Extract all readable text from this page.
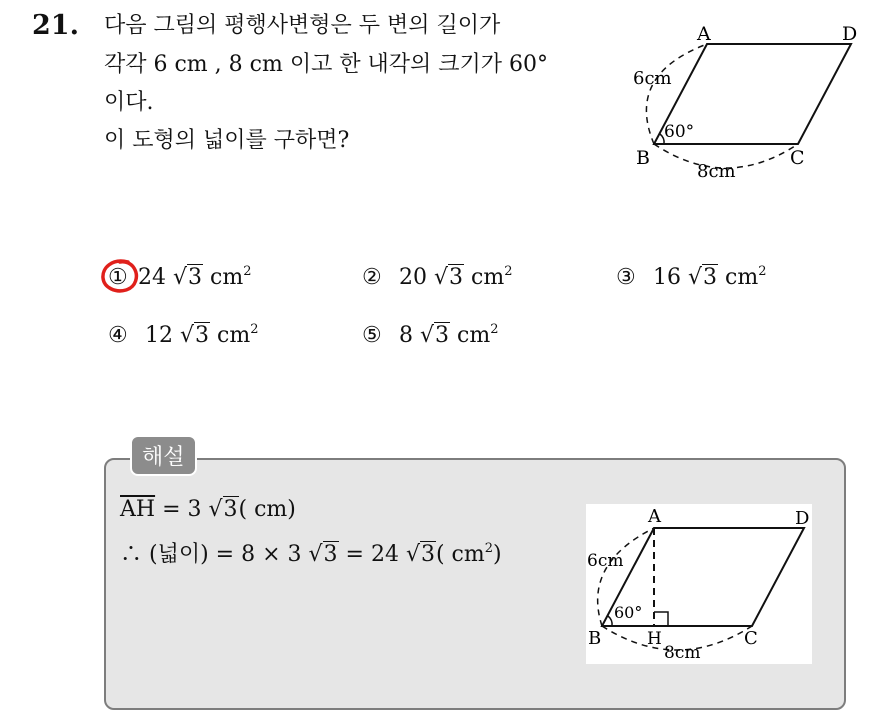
21. 다음 그림의 평행사변형은 두 변의 길이가
각각 6 cm , 8 cm 이고 한 내각의 크기가 60°
이다.
이 도형의 넓이를 구하면?
A	D
B	C
6cm
8cm
60°
① 24 √3 $cm^2$	② 20 √3 $cm^2$	③ 16 √3 $cm^2$
④ 12 √3 $cm^2$	⑤ 8 √3 $cm^2$
해설
$\overline{AH} = 3$ √3( cm)
∴ (넓이) = 8 × 3 √3 = 24 √3( $cm^2$)
A	D
B	H	C
6cm
8cm
60°
